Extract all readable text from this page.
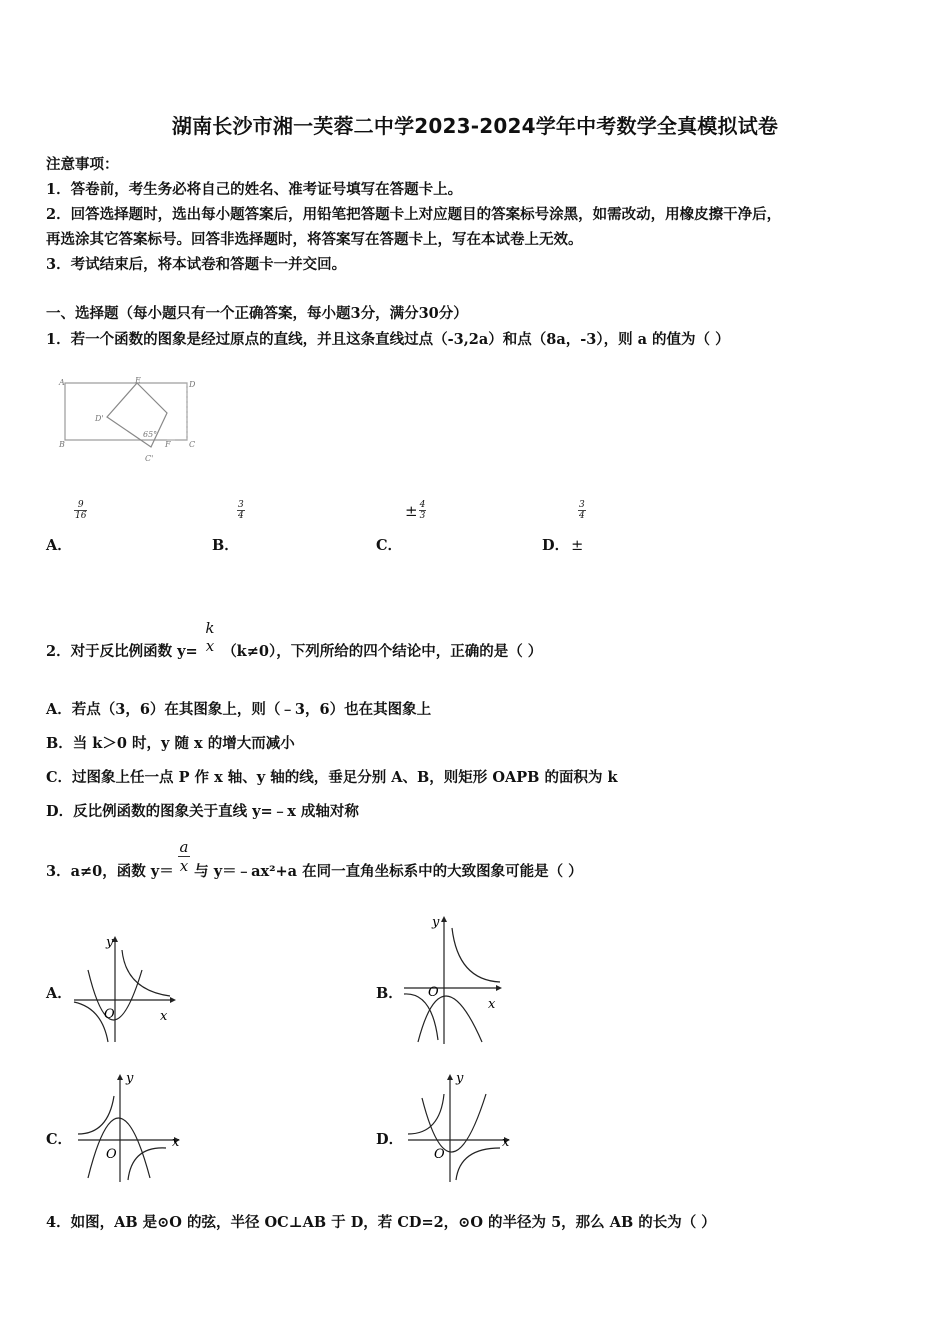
湖南长沙市湘一芙蓉二中学2023-2024学年中考数学全真模拟试卷
注意事项：
1．答卷前，考生务必将自己的姓名、准考证号填写在答题卡上。
2．回答选择题时，选出每小题答案后，用铅笔把答题卡上对应题目的答案标号涂黑，如需改动，用橡皮擦干净后，
再选涂其它答案标号。回答非选择题时，将答案写在答题卡上，写在本试卷上无效。
3．考试结束后，将本试卷和答题卡一并交回。
一、选择题（每小题只有一个正确答案，每小题3分，满分30分）
1．若一个函数的图象是经过原点的直线，并且这条直线过点（-3,2a）和点（8a，-3），则 a 的值为（ ）
A	E	D
D'
65°
B
C'
F C
9
16
A．
3
4
B．
± $\frac{4}{3}$
C．
3
4
D． ±
2．对于反比例函数 y=
k
x （k≠0），下列所给的四个结论中，正确的是（ ）
A．若点（3，6）在其图象上，则（﹣3，6）也在其图象上
B．当 k＞0 时，y 随 x 的增大而减小
C．过图象上任一点 P 作 x 轴、y 轴的线，垂足分别 A、B，则矩形 OAPB 的面积为 k
D．反比例函数的图象关于直线 y=﹣x 成轴对称
3．a≠0，函数 $y= \frac{a}{x}$ 与 y＝﹣ax²+a 在同一直角坐标系中的大致图象可能是（ ）
A．
y
x
O
B．
y
x
O
C．
y
x
O
D．
y
x
O
4．如图，AB 是⊙O 的弦，半径 OC⊥AB 于 D，若 CD=2，⊙O 的半径为 5，那么 AB 的长为（ ）
